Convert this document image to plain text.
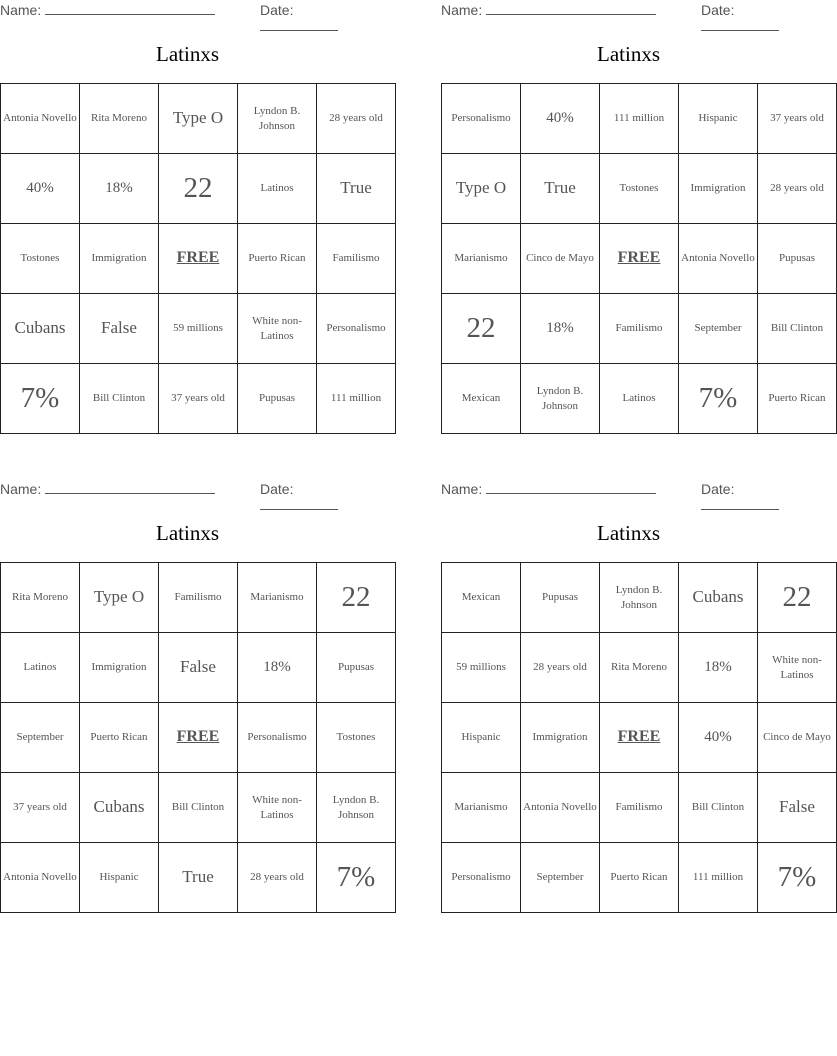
Name:	Date:
Latinxs
Antonia Novello	Rita Moreno	Type O	Lyndon B. Johnson	28 years old
40%	18%	22	Latinos	True
Tostones	Immigration	FREE	Puerto Rican	Familismo
Cubans	False	59 millions	White non-Latinos	Personalismo
7%	Bill Clinton	37 years old	Pupusas	111 million
Name:	Date:
Latinxs
Personalismo	40%	111 million	Hispanic	37 years old
Type O	True	Tostones	Immigration	28 years old
Marianismo	Cinco de Mayo	FREE	Antonia Novello	Pupusas
22	18%	Familismo	September	Bill Clinton
Mexican	Lyndon B. Johnson	Latinos	7%	Puerto Rican
Name:	Date:
Latinxs
Rita Moreno	Type O	Familismo	Marianismo	22
Latinos	Immigration	False	18%	Pupusas
September	Puerto Rican	FREE	Personalismo	Tostones
37 years old	Cubans	Bill Clinton	White non-Latinos	Lyndon B. Johnson
Antonia Novello	Hispanic	True	28 years old	7%
Name:	Date:
Latinxs
Mexican	Pupusas	Lyndon B. Johnson	Cubans	22
59 millions	28 years old	Rita Moreno	18%	White non-Latinos
Hispanic	Immigration	FREE	40%	Cinco de Mayo
Marianismo	Antonia Novello	Familismo	Bill Clinton	False
Personalismo	September	Puerto Rican	111 million	7%
